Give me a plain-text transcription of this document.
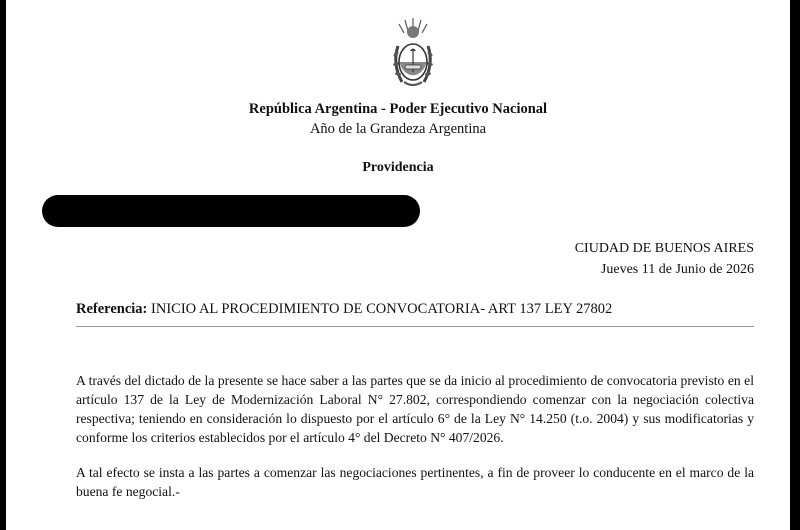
República Argentina - Poder Ejecutivo Nacional
Año de la Grandeza Argentina
Providencia
CIUDAD DE BUENOS AIRES
Jueves 11 de Junio de 2026
Referencia: INICIO AL PROCEDIMIENTO DE CONVOCATORIA- ART 137 LEY 27802
A través del dictado de la presente se hace saber a las partes que se da inicio al procedimiento de convocatoria previsto en el artículo 137 de la Ley de Modernización Laboral N° 27.802, correspondiendo comenzar con la negociación colectiva respectiva; teniendo en consideración lo dispuesto por el artículo 6° de la Ley N° 14.250 (t.o. 2004) y sus modificatorias y conforme los criterios establecidos por el artículo 4° del Decreto N° 407/2026.
A tal efecto se insta a las partes a comenzar las negociaciones pertinentes, a fin de proveer lo conducente en el marco de la buena fe negocial.-
